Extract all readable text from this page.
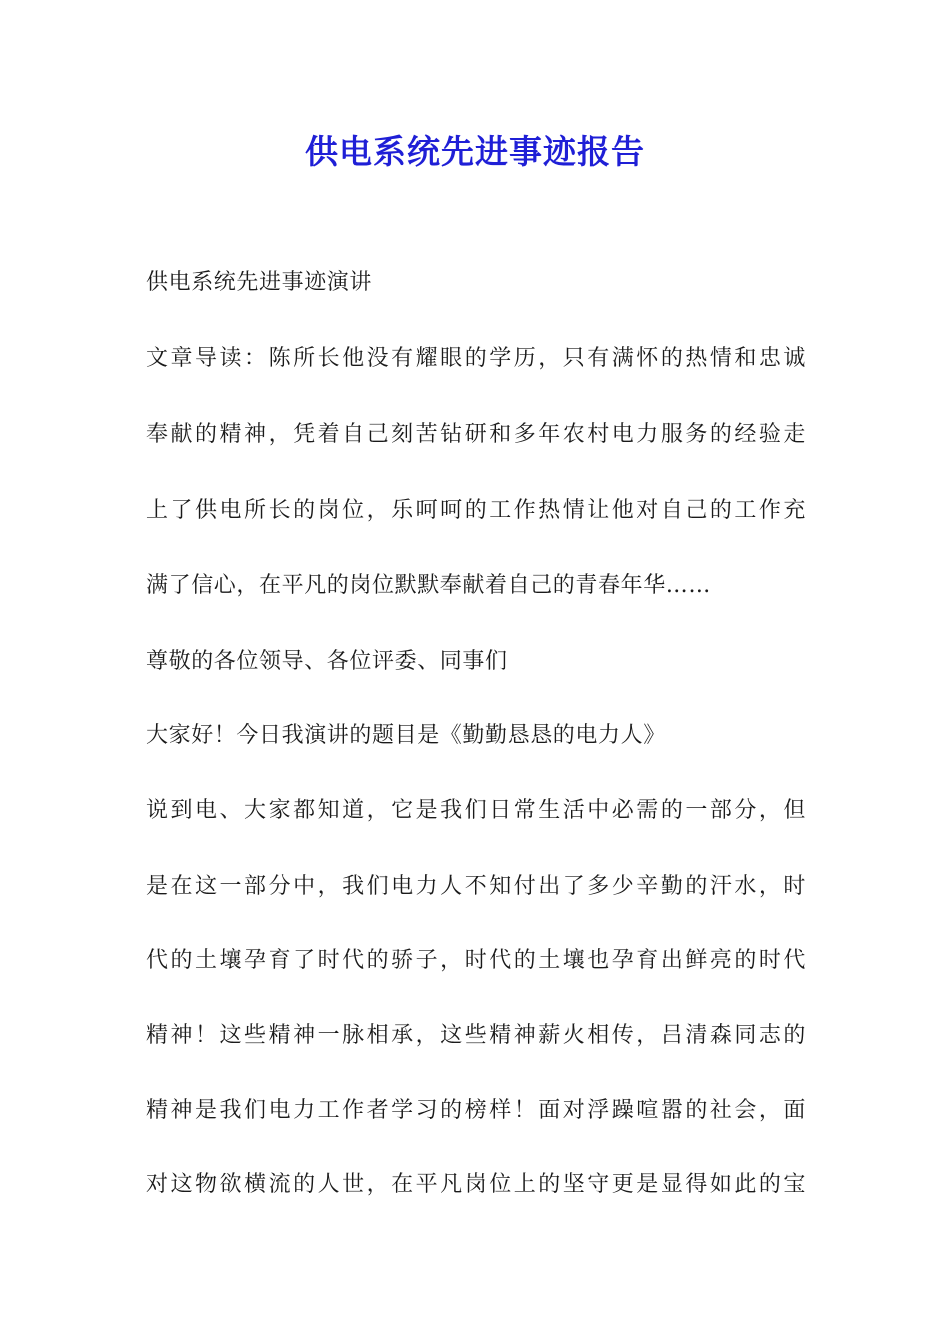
供电系统先进事迹报告
供电系统先进事迹演讲
文章导读：陈所长他没有耀眼的学历，只有满怀的热情和忠诚
奉献的精神，凭着自己刻苦钻研和多年农村电力服务的经验走
上了供电所长的岗位，乐呵呵的工作热情让他对自己的工作充
满了信心，在平凡的岗位默默奉献着自己的青春年华……
尊敬的各位领导、各位评委、同事们
大家好！今日我演讲的题目是《勤勤恳恳的电力人》
说到电、大家都知道，它是我们日常生活中必需的一部分，但
是在这一部分中，我们电力人不知付出了多少辛勤的汗水，时
代的土壤孕育了时代的骄子，时代的土壤也孕育出鲜亮的时代
精神！这些精神一脉相承，这些精神薪火相传，吕清森同志的
精神是我们电力工作者学习的榜样！面对浮躁喧嚣的社会，面
对这物欲横流的人世，在平凡岗位上的坚守更是显得如此的宝
